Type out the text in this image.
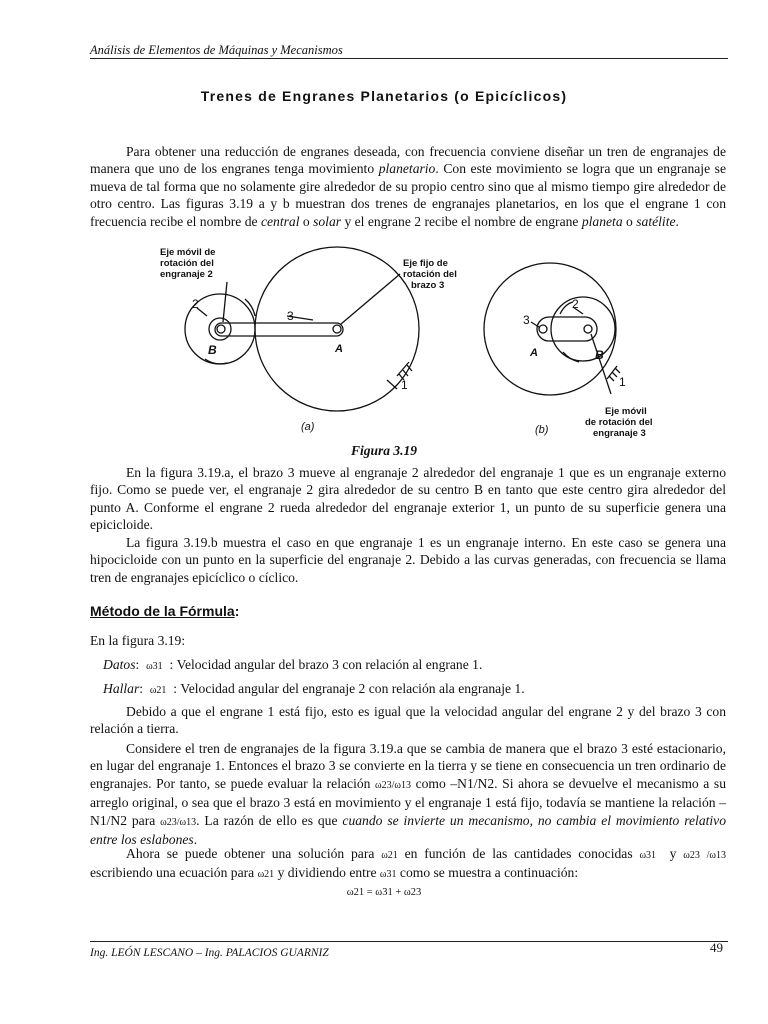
Análisis de Elementos de Máquinas y Mecanismos
Trenes de Engranes Planetarios (o Epicíclicos)

Para obtener una reducción de engranes deseada, con frecuencia conviene diseñar un tren de engranajes de manera que uno de los engranes tenga movimiento planetario. Con este movimiento se logra que un engranaje se mueva de tal forma que no solamente gire alrededor de su propio centro sino que al mismo tiempo gire alrededor de otro centro. Las figuras 3.19 a y b muestran dos trenes de engranajes planetarios, en los que el engrane 1 con frecuencia recibe el nombre de central o solar y el engrane 2 recibe el nombre de engrane planeta o satélite.

Eje móvil de
rotación del
engranaje 2
Eje fijo de
rotación del
brazo 3
2
3
1
B	A
(a)
2
3
1
A	B
Eje móvil
de rotación del
engranaje 3
(b)
Figura 3.19

En la figura 3.19.a, el brazo 3 mueve al engranaje 2 alrededor del engranaje 1 que es un engranaje externo fijo. Como se puede ver, el engranaje 2 gira alrededor de su centro B en tanto que este centro gira alrededor del punto A. Conforme el engrane 2 rueda alrededor del engranaje exterior 1, un punto de su superficie genera una epicicloide.

La figura 3.19.b muestra el caso en que engranaje 1 es un engranaje interno. En este caso se genera una hipocicloide con un punto en la superficie del engranaje 2. Debido a las curvas generadas, con frecuencia se llama tren de engranajes epicíclico o cíclico.

Método de la Fórmula:
En la figura 3.19:
Datos:  ω31 : Velocidad angular del brazo 3 con relación al engrane 1.
Hallar:  ω21 : Velocidad angular del engranaje 2 con relación ala engranaje 1.

Debido a que el engrane 1 está fijo, esto es igual que la velocidad angular del engrane 2 y del brazo 3 con relación a tierra.

Considere el tren de engranajes de la figura 3.19.a que se cambia de manera que el brazo 3 esté estacionario, en lugar del engranaje 1. Entonces el brazo 3 se convierte en la tierra y se tiene en consecuencia un tren ordinario de engranajes. Por tanto, se puede evaluar la relación ω23/ω13 como –N1/N2. Si ahora se devuelve el mecanismo a su arreglo original, o sea que el brazo 3 está en movimiento y el engranaje 1 está fijo, todavía se mantiene la relación –N1/N2 para ω23/ω13. La razón de ello es que cuando se invierte un mecanismo, no cambia el movimiento relativo entre los eslabones.

Ahora se puede obtener una solución para ω21 en función de las cantidades conocidas ω31 y ω23 /ω13 escribiendo una ecuación para ω21 y dividiendo entre ω31 como se muestra a continuación:

ω21 = ω31 + ω23
Ing. LEÓN LESCANO – Ing. PALACIOS GUARNIZ	49
